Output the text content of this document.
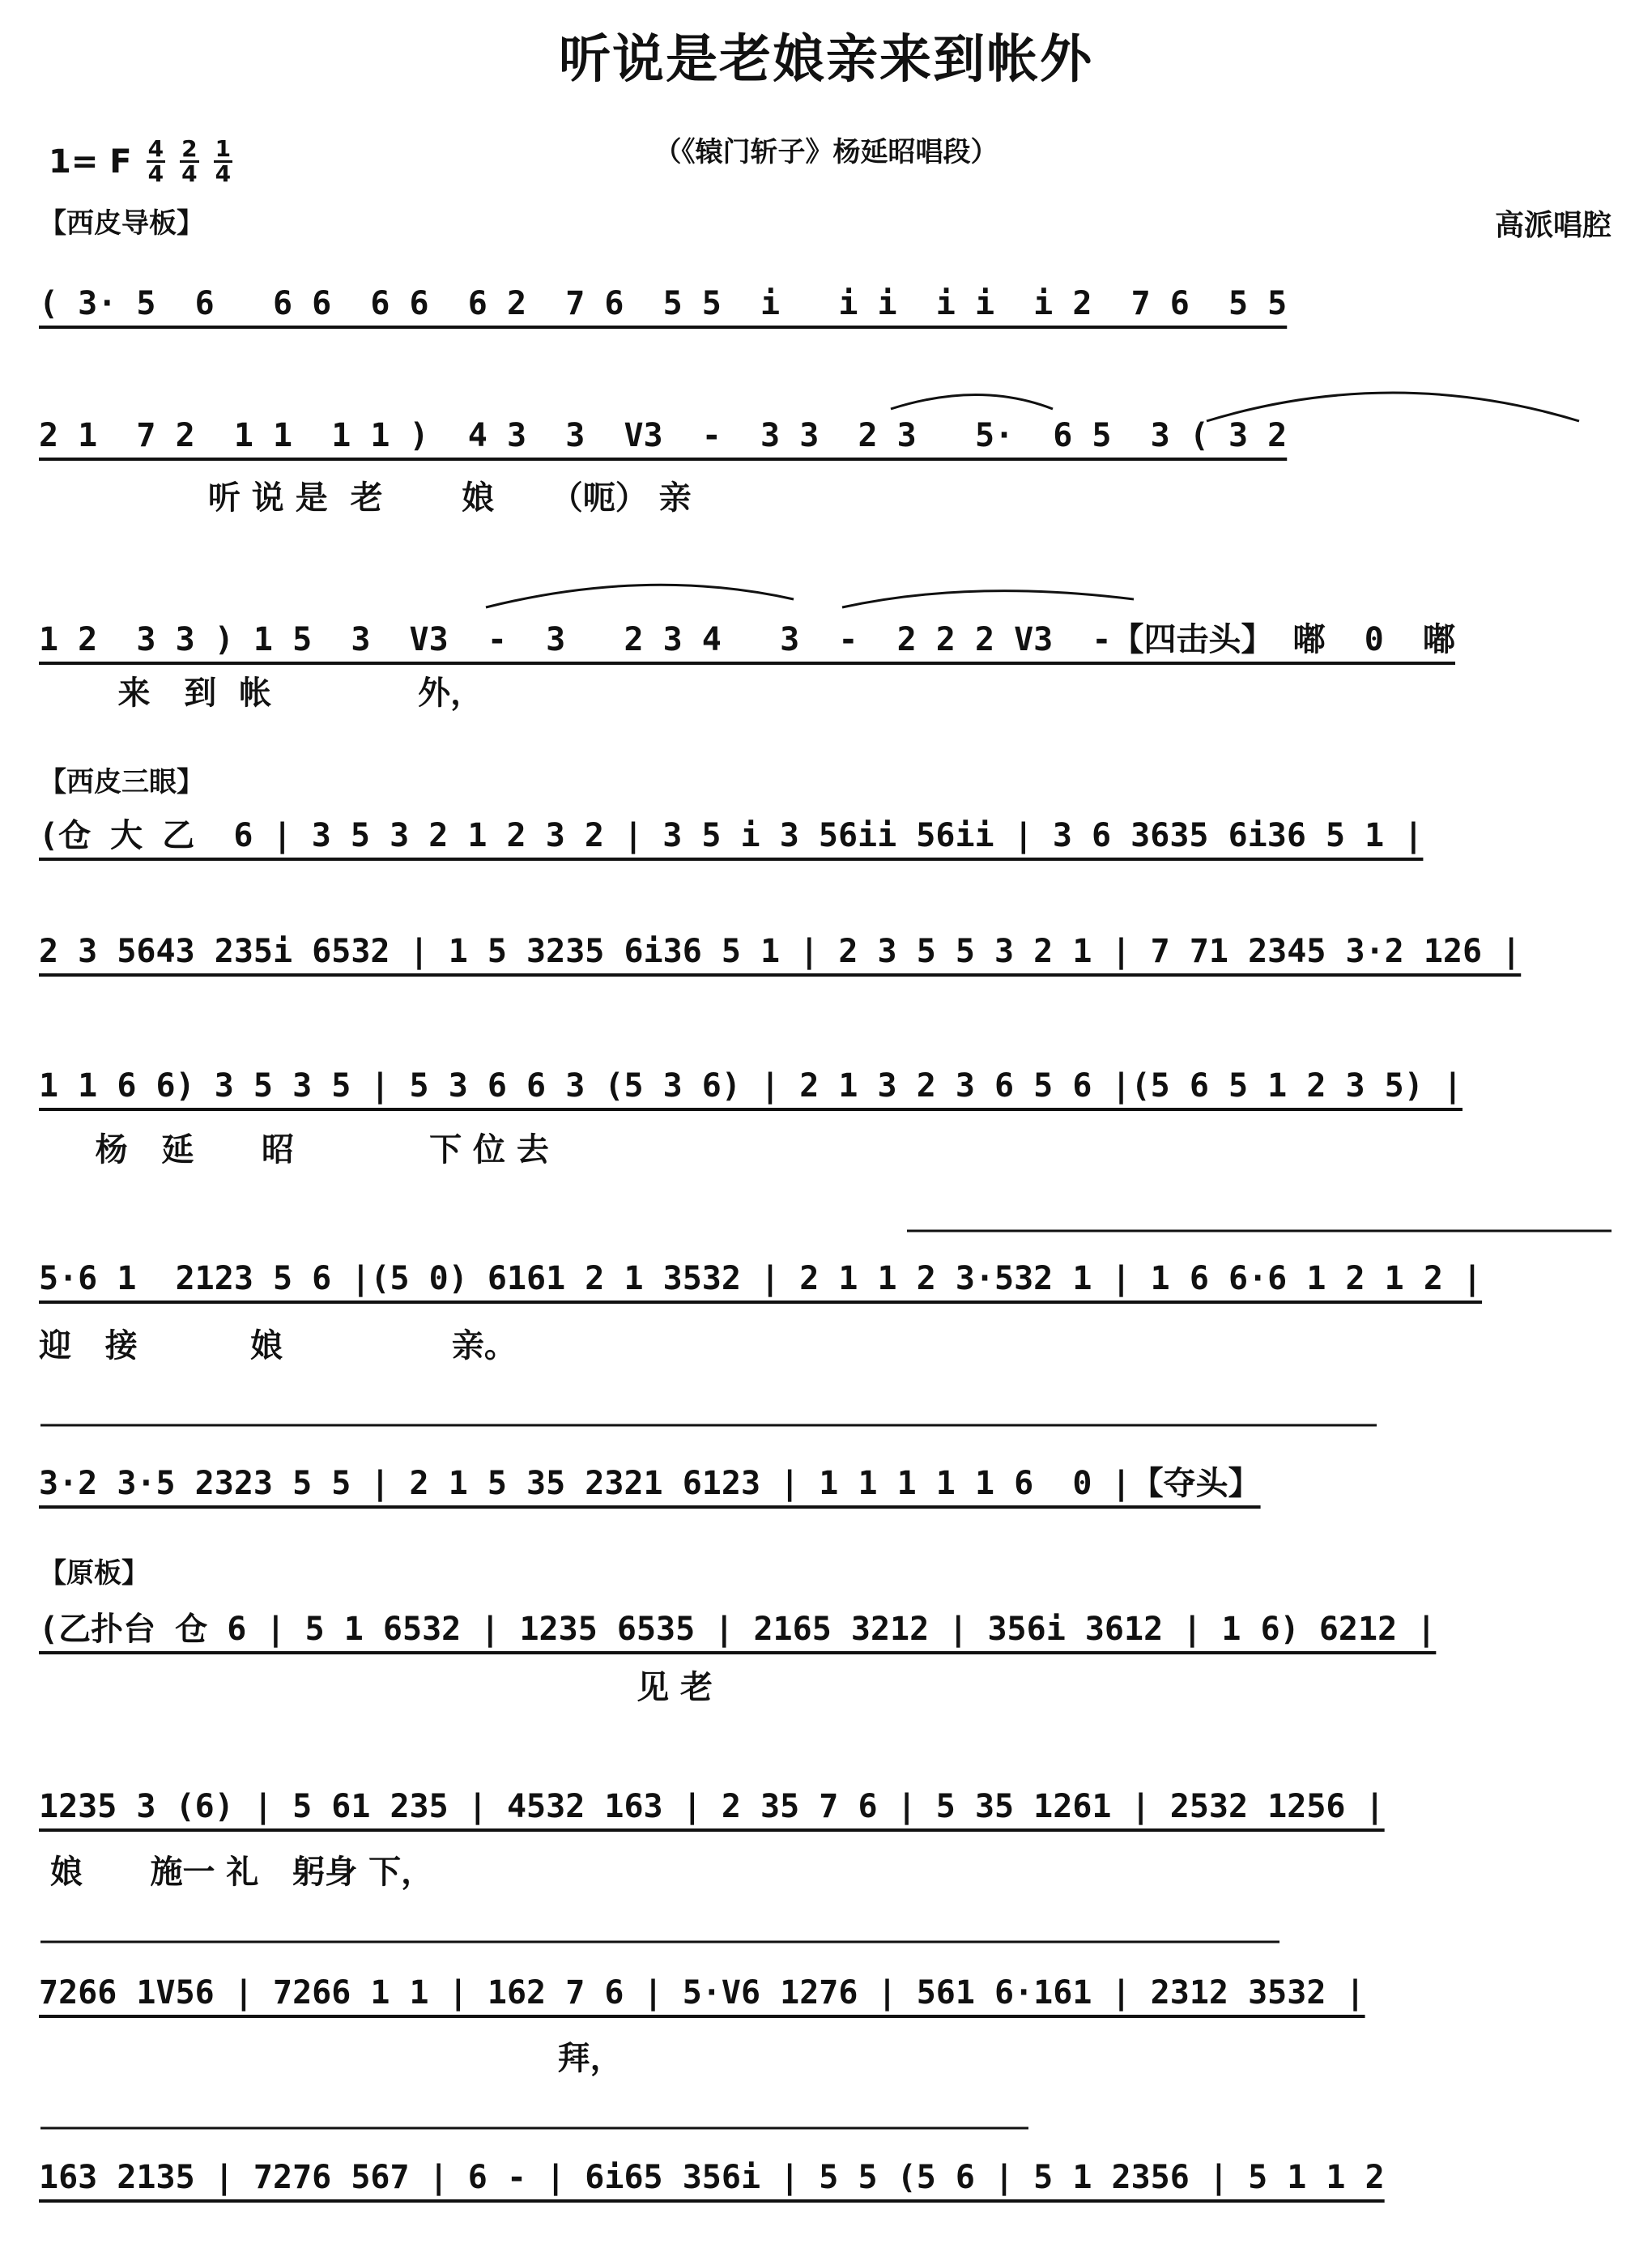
听说是老娘亲来到帐外
（《辕门斩子》杨延昭唱段）
1= F $\frac{4}{4} \frac{2}{4} \frac{1}{4}$
【西皮导板】	高派唱腔
( 3· 5  6   6 6  6 6  6 2  7 6  5 5  i   i i  i i  i 2  7 6  5 5
2 1  7 2  1 1  1 1 )  4 3  3  V3  -  3 3  2 3   5·  6 5  3 ( 3 2
听 说 是  老       娘     （呃） 亲
1 2  3 3 ) 1 5  3  V3  -  3   2 3 4   3  -  2 2 2 V3  -【四击头】 嘟  0  嘟
来   到  帐             外，
【西皮三眼】
(仓 大 乙  6 | 3 5 3 2 1 2 3 2 | 3 5 i 3 56ii 56ii | 3 6 3635 6i36 5 1 |
2 3 5643 235i 6532 | 1 5 3235 6i36 5 1 | 2 3 5 5 3 2 1 | 7 71 2345 3·2 126 |
1 1 6 6) 3 5 3 5 | 5 3 6 6 3 (5 3 6) | 2 1 3 2 3 6 5 6 |(5 6 5 1 2 3 5) |
杨   延      昭            下 位 去
5·6 1  2123 5 6 |(5 0) 6161 2 1 3532 | 2 1 1 2 3·532 1 | 1 6 6·6 1 2 1 2 |
迎   接          娘               亲。
3·2 3·5 2323 5 5 | 2 1 5 35 2321 6123 | 1 1 1 1 1 6  0 |【夺头】
【原板】
(乙扑台 仓 6 | 5 1 6532 | 1235 6535 | 2165 3212 | 356i 3612 | 1 6) 6212 |
见 老
1235 3 (6) | 5 61 235 | 4532 163 | 2 35 7 6 | 5 35 1261 | 2532 1256 |
娘      施一 礼   躬身 下，
7266 1V56 | 7266 1 1 | 162 7 6 | 5·V6 1276 | 561 6·161 | 2312 3532 |
拜，
163 2135 | 7276 567 | 6 - | 6i65 356i | 5 5 (5 6 | 5 1 2356 | 5 1 1 2
